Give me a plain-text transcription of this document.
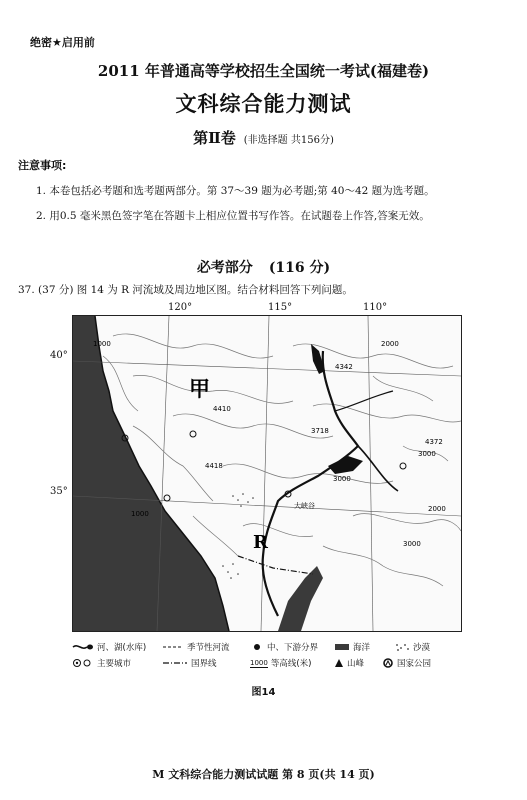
绝密★启用前
2011 年普通高等学校招生全国统一考试(福建卷)
文科综合能力测试
第Ⅱ卷 (非选择题 共156分)
注意事项:
1. 本卷包括必考题和选考题两部分。第 37～39 题为必考题;第 40～42 题为选考题。
2. 用0.5 毫米黑色签字笔在答题卡上相应位置书写作答。在试题卷上作答,答案无效。
必考部分 (116 分)
37. (37 分) 图 14 为 R 河流域及周边地区图。结合材料回答下列问题。
120°	115°	110°
40°
35°
甲
R
1000	2000
3000
3000
1000
2000
3000
4418
4372
3718
4342
4410
大峡谷
河、湖(水库)	季节性河流	中、下游分界	海洋	沙漠
主要城市	国界线	1000 等高线(米)	山峰	国家公园
图14
M 文科综合能力测试试题 第 8 页(共 14 页)
